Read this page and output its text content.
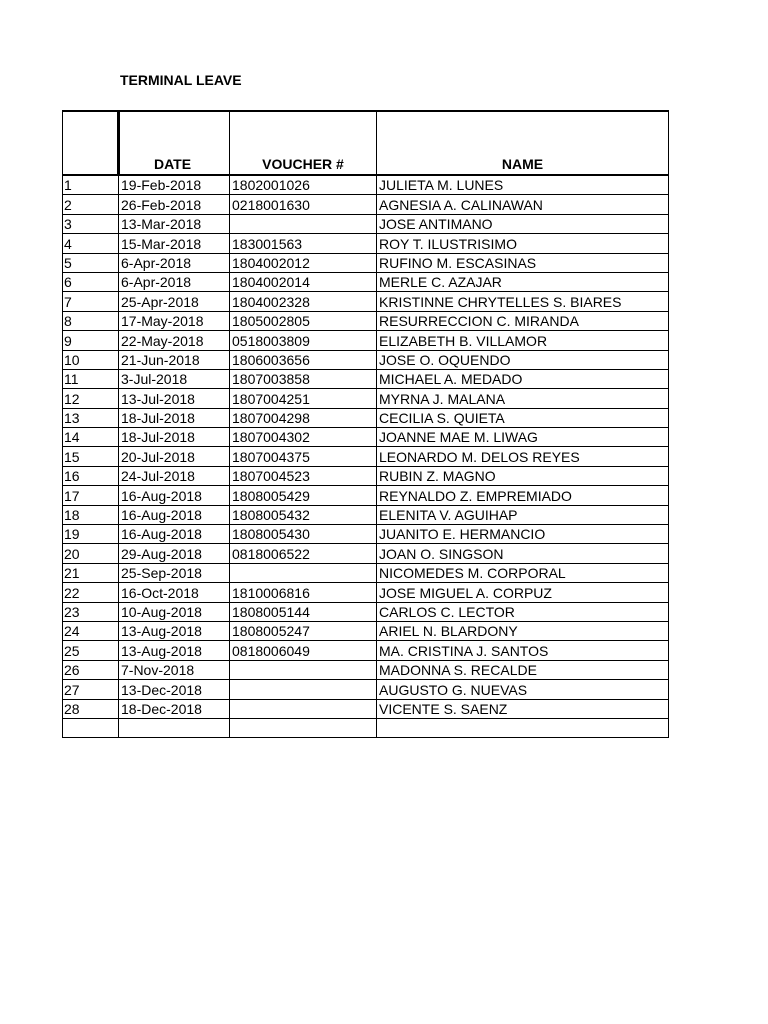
TERMINAL LEAVE
	DATE	VOUCHER #	NAME
1	19-Feb-2018	1802001026	JULIETA M. LUNES
2	26-Feb-2018	0218001630	AGNESIA A. CALINAWAN
3	13-Mar-2018		JOSE ANTIMANO
4	15-Mar-2018	183001563	ROY T. ILUSTRISIMO
5	6-Apr-2018	1804002012	RUFINO M. ESCASINAS
6	6-Apr-2018	1804002014	MERLE C. AZAJAR
7	25-Apr-2018	1804002328	KRISTINNE CHRYTELLES S. BIARES
8	17-May-2018	1805002805	RESURRECCION C. MIRANDA
9	22-May-2018	0518003809	ELIZABETH B. VILLAMOR
10	21-Jun-2018	1806003656	JOSE O. OQUENDO
11	3-Jul-2018	1807003858	MICHAEL A. MEDADO
12	13-Jul-2018	1807004251	MYRNA J. MALANA
13	18-Jul-2018	1807004298	CECILIA S. QUIETA
14	18-Jul-2018	1807004302	JOANNE MAE M. LIWAG
15	20-Jul-2018	1807004375	LEONARDO M. DELOS REYES
16	24-Jul-2018	1807004523	RUBIN Z. MAGNO
17	16-Aug-2018	1808005429	REYNALDO Z. EMPREMIADO
18	16-Aug-2018	1808005432	ELENITA V. AGUIHAP
19	16-Aug-2018	1808005430	JUANITO E. HERMANCIO
20	29-Aug-2018	0818006522	JOAN O. SINGSON
21	25-Sep-2018		NICOMEDES M. CORPORAL
22	16-Oct-2018	1810006816	JOSE MIGUEL A. CORPUZ
23	10-Aug-2018	1808005144	CARLOS C. LECTOR
24	13-Aug-2018	1808005247	ARIEL N. BLARDONY
25	13-Aug-2018	0818006049	MA. CRISTINA J. SANTOS
26	7-Nov-2018		MADONNA S. RECALDE
27	13-Dec-2018		AUGUSTO G. NUEVAS
28	18-Dec-2018		VICENTE S. SAENZ
